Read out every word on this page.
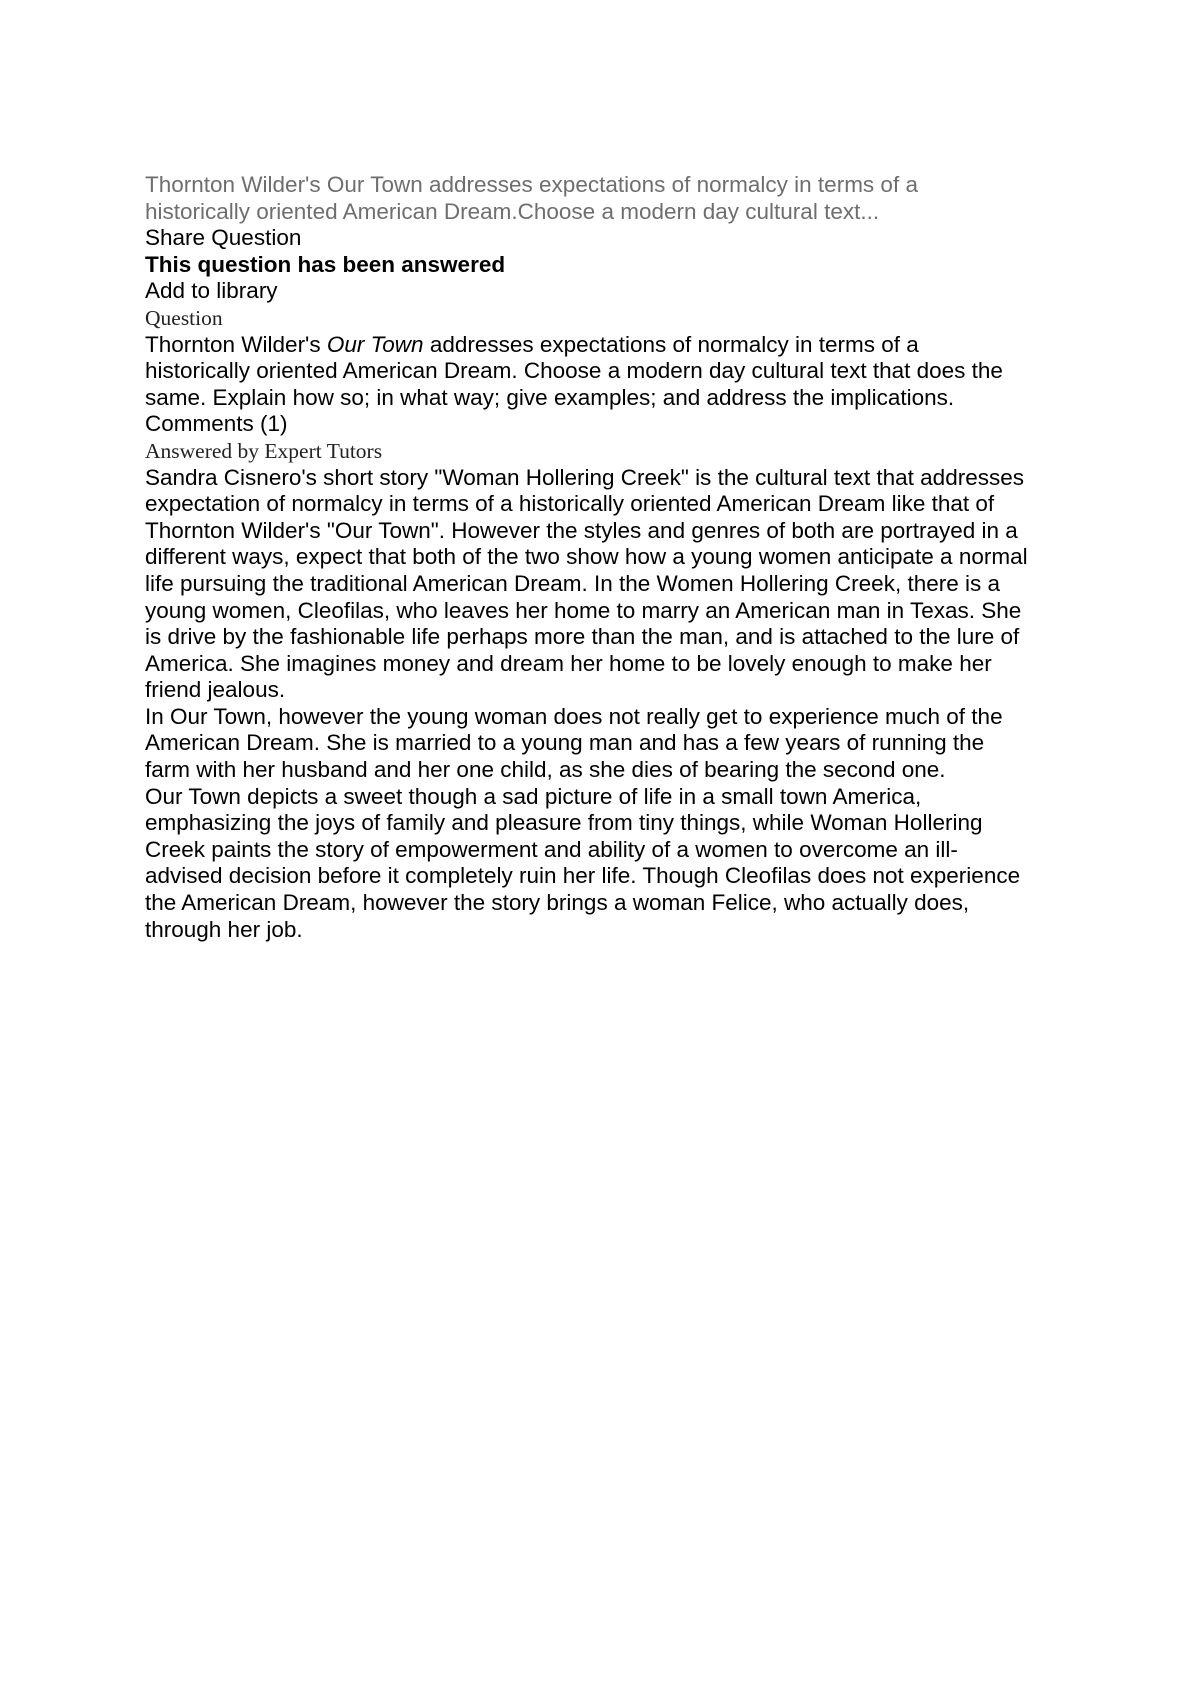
Thornton Wilder's Our Town addresses expectations of normalcy in terms of a
historically oriented American Dream.Choose a modern day cultural text...
Share Question
This question has been answered
Add to library
Question
Thornton Wilder's Our Town addresses expectations of normalcy in terms of a
historically oriented American Dream. Choose a modern day cultural text that does the
same. Explain how so; in what way; give examples; and address the implications.
Comments (1)
Answered by Expert Tutors
Sandra Cisnero's short story "Woman Hollering Creek" is the cultural text that addresses
expectation of normalcy in terms of a historically oriented American Dream like that of
Thornton Wilder's "Our Town". However the styles and genres of both are portrayed in a
different ways, expect that both of the two show how a young women anticipate a normal
life pursuing the traditional American Dream. In the Women Hollering Creek, there is a
young women, Cleofilas, who leaves her home to marry an American man in Texas. She
is drive by the fashionable life perhaps more than the man, and is attached to the lure of
America. She imagines money and dream her home to be lovely enough to make her
friend jealous.
In Our Town, however the young woman does not really get to experience much of the
American Dream. She is married to a young man and has a few years of running the
farm with her husband and her one child, as she dies of bearing the second one.
Our Town depicts a sweet though a sad picture of life in a small town America,
emphasizing the joys of family and pleasure from tiny things, while Woman Hollering
Creek paints the story of empowerment and ability of a women to overcome an ill-
advised decision before it completely ruin her life. Though Cleofilas does not experience
the American Dream, however the story brings a woman Felice, who actually does,
through her job.
